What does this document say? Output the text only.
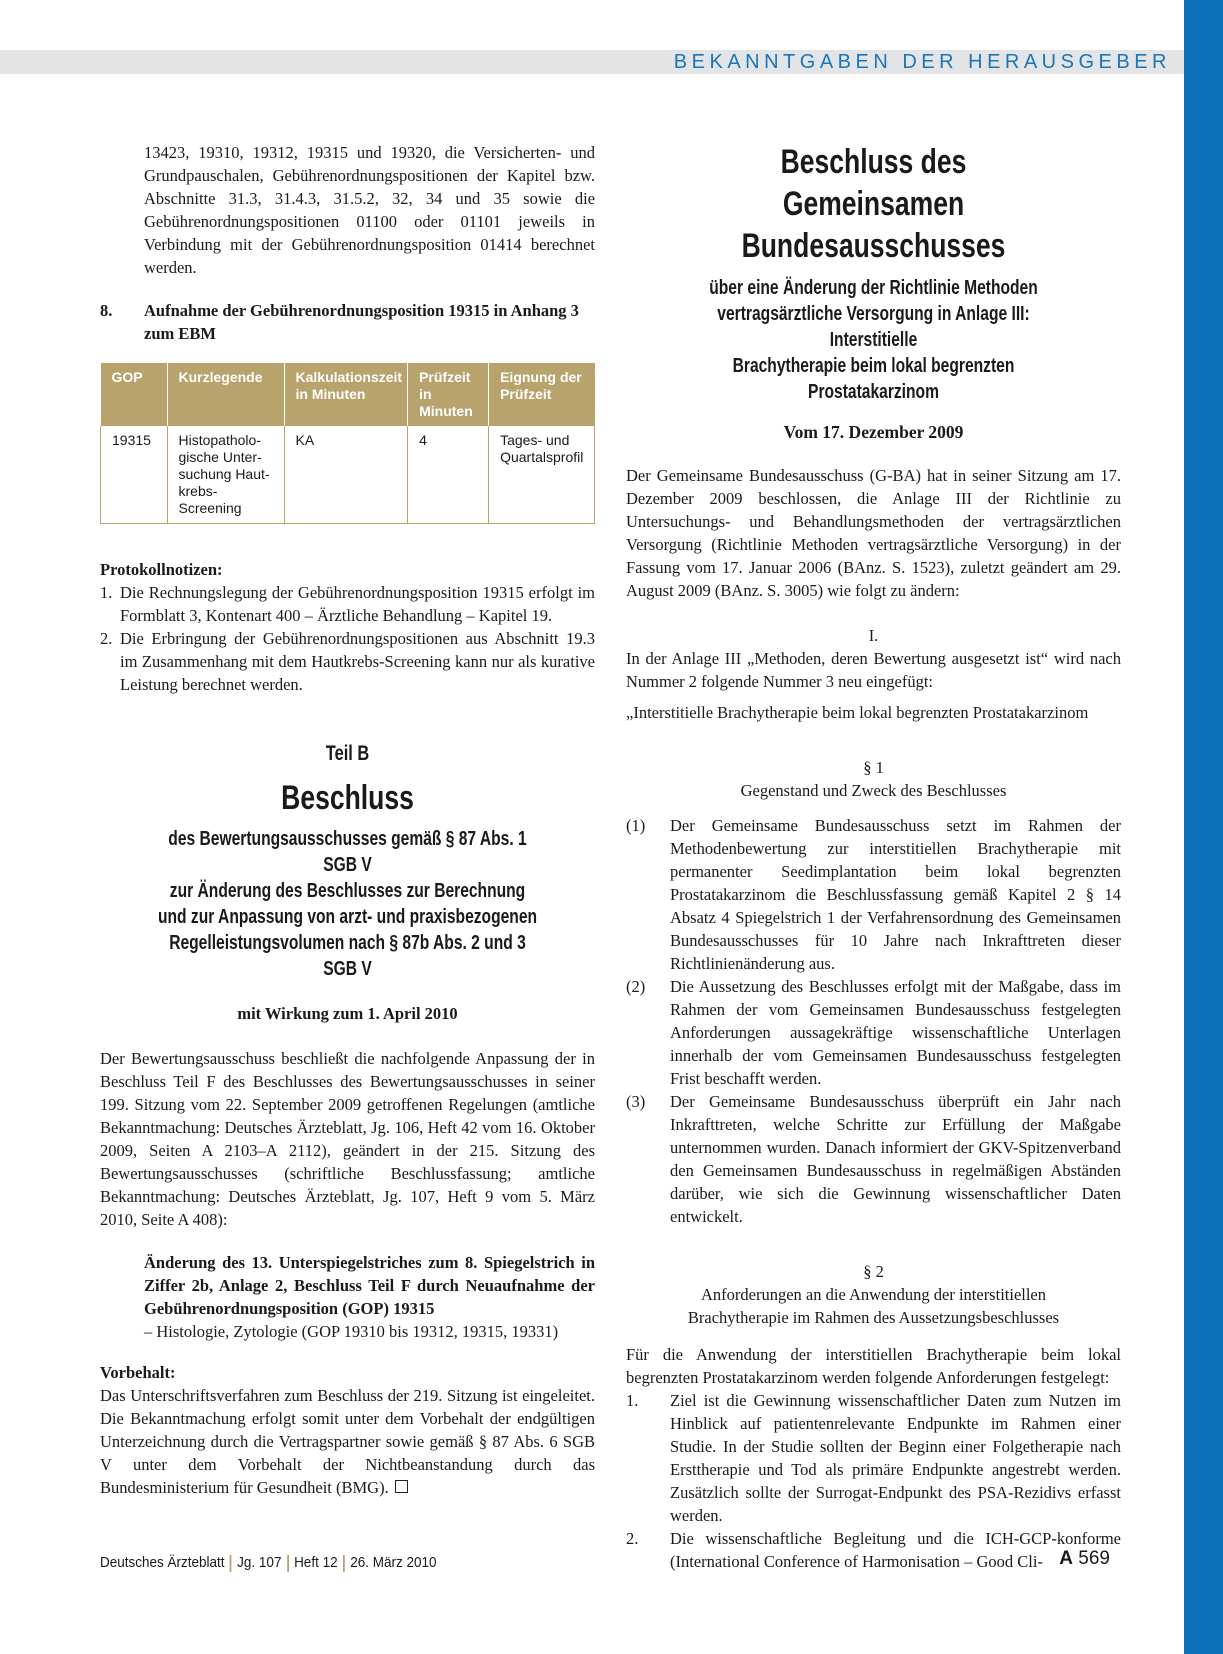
BEKANNTGABEN DER HERAUSGEBER

13423, 19310, 19312, 19315 und 19320, die Versicherten- und Grundpauschalen, Gebührenordnungspositionen der Kapitel bzw. Abschnitte 31.3, 31.4.3, 31.5.2, 32, 34 und 35 sowie die Gebührenordnungspositionen 01100 oder 01101 jeweils in Verbindung mit der Gebührenordnungsposition 01414 berechnet werden.

8.	Aufnahme der Gebührenordnungsposition 19315 in Anhang 3 zum EBM
GOP	Kurzlegende	Kalkulationszeit in Minuten	Prüfzeit in Minuten	Eignung der Prüfzeit
19315	Histopathologische Untersuchung Hautkrebs-Screening	KA	4	Tages- und Quartalsprofil

Protokollnotizen:

1. Die Rechnungslegung der Gebührenordnungsposition 19315 erfolgt im Formblatt 3, Kontenart 400 – Ärztliche Behandlung – Kapitel 19.
2. Die Erbringung der Gebührenordnungspositionen aus Abschnitt 19.3 im Zusammenhang mit dem Hautkrebs-Screening kann nur als kurative Leistung berechnet werden.
Teil B
Beschluss
des Bewertungsausschusses gemäß § 87 Abs. 1 SGB V
zur Änderung des Beschlusses zur Berechnung
und zur Anpassung von arzt- und praxisbezogenen
Regelleistungsvolumen nach § 87b Abs. 2 und 3 SGB V

mit Wirkung zum 1. April 2010

Der Bewertungsausschuss beschließt die nachfolgende Anpassung der in Beschluss Teil F des Beschlusses des Bewertungsausschusses in seiner 199. Sitzung vom 22. September 2009 getroffenen Regelungen (amtliche Bekanntmachung: Deutsches Ärzteblatt, Jg. 106, Heft 42 vom 16. Oktober 2009, Seiten A 2103–A 2112), geändert in der 215. Sitzung des Bewertungsausschusses (schriftliche Beschlussfassung; amtliche Bekanntmachung: Deutsches Ärzteblatt, Jg. 107, Heft 9 vom 5. März 2010, Seite A 408):

Änderung des 13. Unterspiegelstriches zum 8. Spiegelstrich in Ziffer 2b, Anlage 2, Beschluss Teil F durch Neuaufnahme der Gebührenordnungsposition (GOP) 19315

– Histologie, Zytologie (GOP 19310 bis 19312, 19315, 19331)

Vorbehalt:

Das Unterschriftsverfahren zum Beschluss der 219. Sitzung ist eingeleitet. Die Bekanntmachung erfolgt somit unter dem Vorbehalt der endgültigen Unterzeichnung durch die Vertragspartner sowie gemäß § 87 Abs. 6 SGB V unter dem Vorbehalt der Nichtbeanstandung durch das Bundesministerium für Gesundheit (BMG).

Beschluss des
Gemeinsamen Bundesausschusses
über eine Änderung der Richtlinie Methoden
vertragsärztliche Versorgung in Anlage III: Interstitielle
Brachytherapie beim lokal begrenzten Prostatakarzinom

Vom 17. Dezember 2009

Der Gemeinsame Bundesausschuss (G-BA) hat in seiner Sitzung am 17. Dezember 2009 beschlossen, die Anlage III der Richtlinie zu Untersuchungs- und Behandlungsmethoden der vertragsärztlichen Versorgung (Richtlinie Methoden vertragsärztliche Versorgung) in der Fassung vom 17. Januar 2006 (BAnz. S. 1523), zuletzt geändert am 29. August 2009 (BAnz. S. 3005) wie folgt zu ändern:

I.

In der Anlage III „Methoden, deren Bewertung ausgesetzt ist“ wird nach Nummer 2 folgende Nummer 3 neu eingefügt:

„Interstitielle Brachytherapie beim lokal begrenzten Prostatakarzinom

§ 1

Gegenstand und Zweck des Beschlusses

(1)	Der Gemeinsame Bundesausschuss setzt im Rahmen der Methodenbewertung zur interstitiellen Brachytherapie mit permanenter Seedimplantation beim lokal begrenzten Prostatakarzinom die Beschlussfassung gemäß Kapitel 2 § 14 Absatz 4 Spiegelstrich 1 der Verfahrensordnung des Gemeinsamen Bundesausschusses für 10 Jahre nach Inkrafttreten dieser Richtlinienänderung aus.
(2)	Die Aussetzung des Beschlusses erfolgt mit der Maßgabe, dass im Rahmen der vom Gemeinsamen Bundesausschuss festgelegten Anforderungen aussagekräftige wissenschaftliche Unterlagen innerhalb der vom Gemeinsamen Bundesausschuss festgelegten Frist beschafft werden.
(3)	Der Gemeinsame Bundesausschuss überprüft ein Jahr nach Inkrafttreten, welche Schritte zur Erfüllung der Maßgabe unternommen wurden. Danach informiert der GKV-Spitzenverband den Gemeinsamen Bundesausschuss in regelmäßigen Abständen darüber, wie sich die Gewinnung wissenschaftlicher Daten entwickelt.

§ 2

Anforderungen an die Anwendung der interstitiellen

Brachytherapie im Rahmen des Aussetzungsbeschlusses

Für die Anwendung der interstitiellen Brachytherapie beim lokal begrenzten Prostatakarzinom werden folgende Anforderungen festgelegt:

1.	Ziel ist die Gewinnung wissenschaftlicher Daten zum Nutzen im Hinblick auf patientenrelevante Endpunkte im Rahmen einer Studie. In der Studie sollten der Beginn einer Folgetherapie nach Ersttherapie und Tod als primäre Endpunkte angestrebt werden. Zusätzlich sollte der Surrogat-Endpunkt des PSA-Rezidivs erfasst werden.
2.	Die wissenschaftliche Begleitung und die ICH-GCP-konforme (International Conference of Harmonisation – Good Cli-
Deutsches Ärzteblatt Jg. 107 Heft 12 26. März 2010	A 569
